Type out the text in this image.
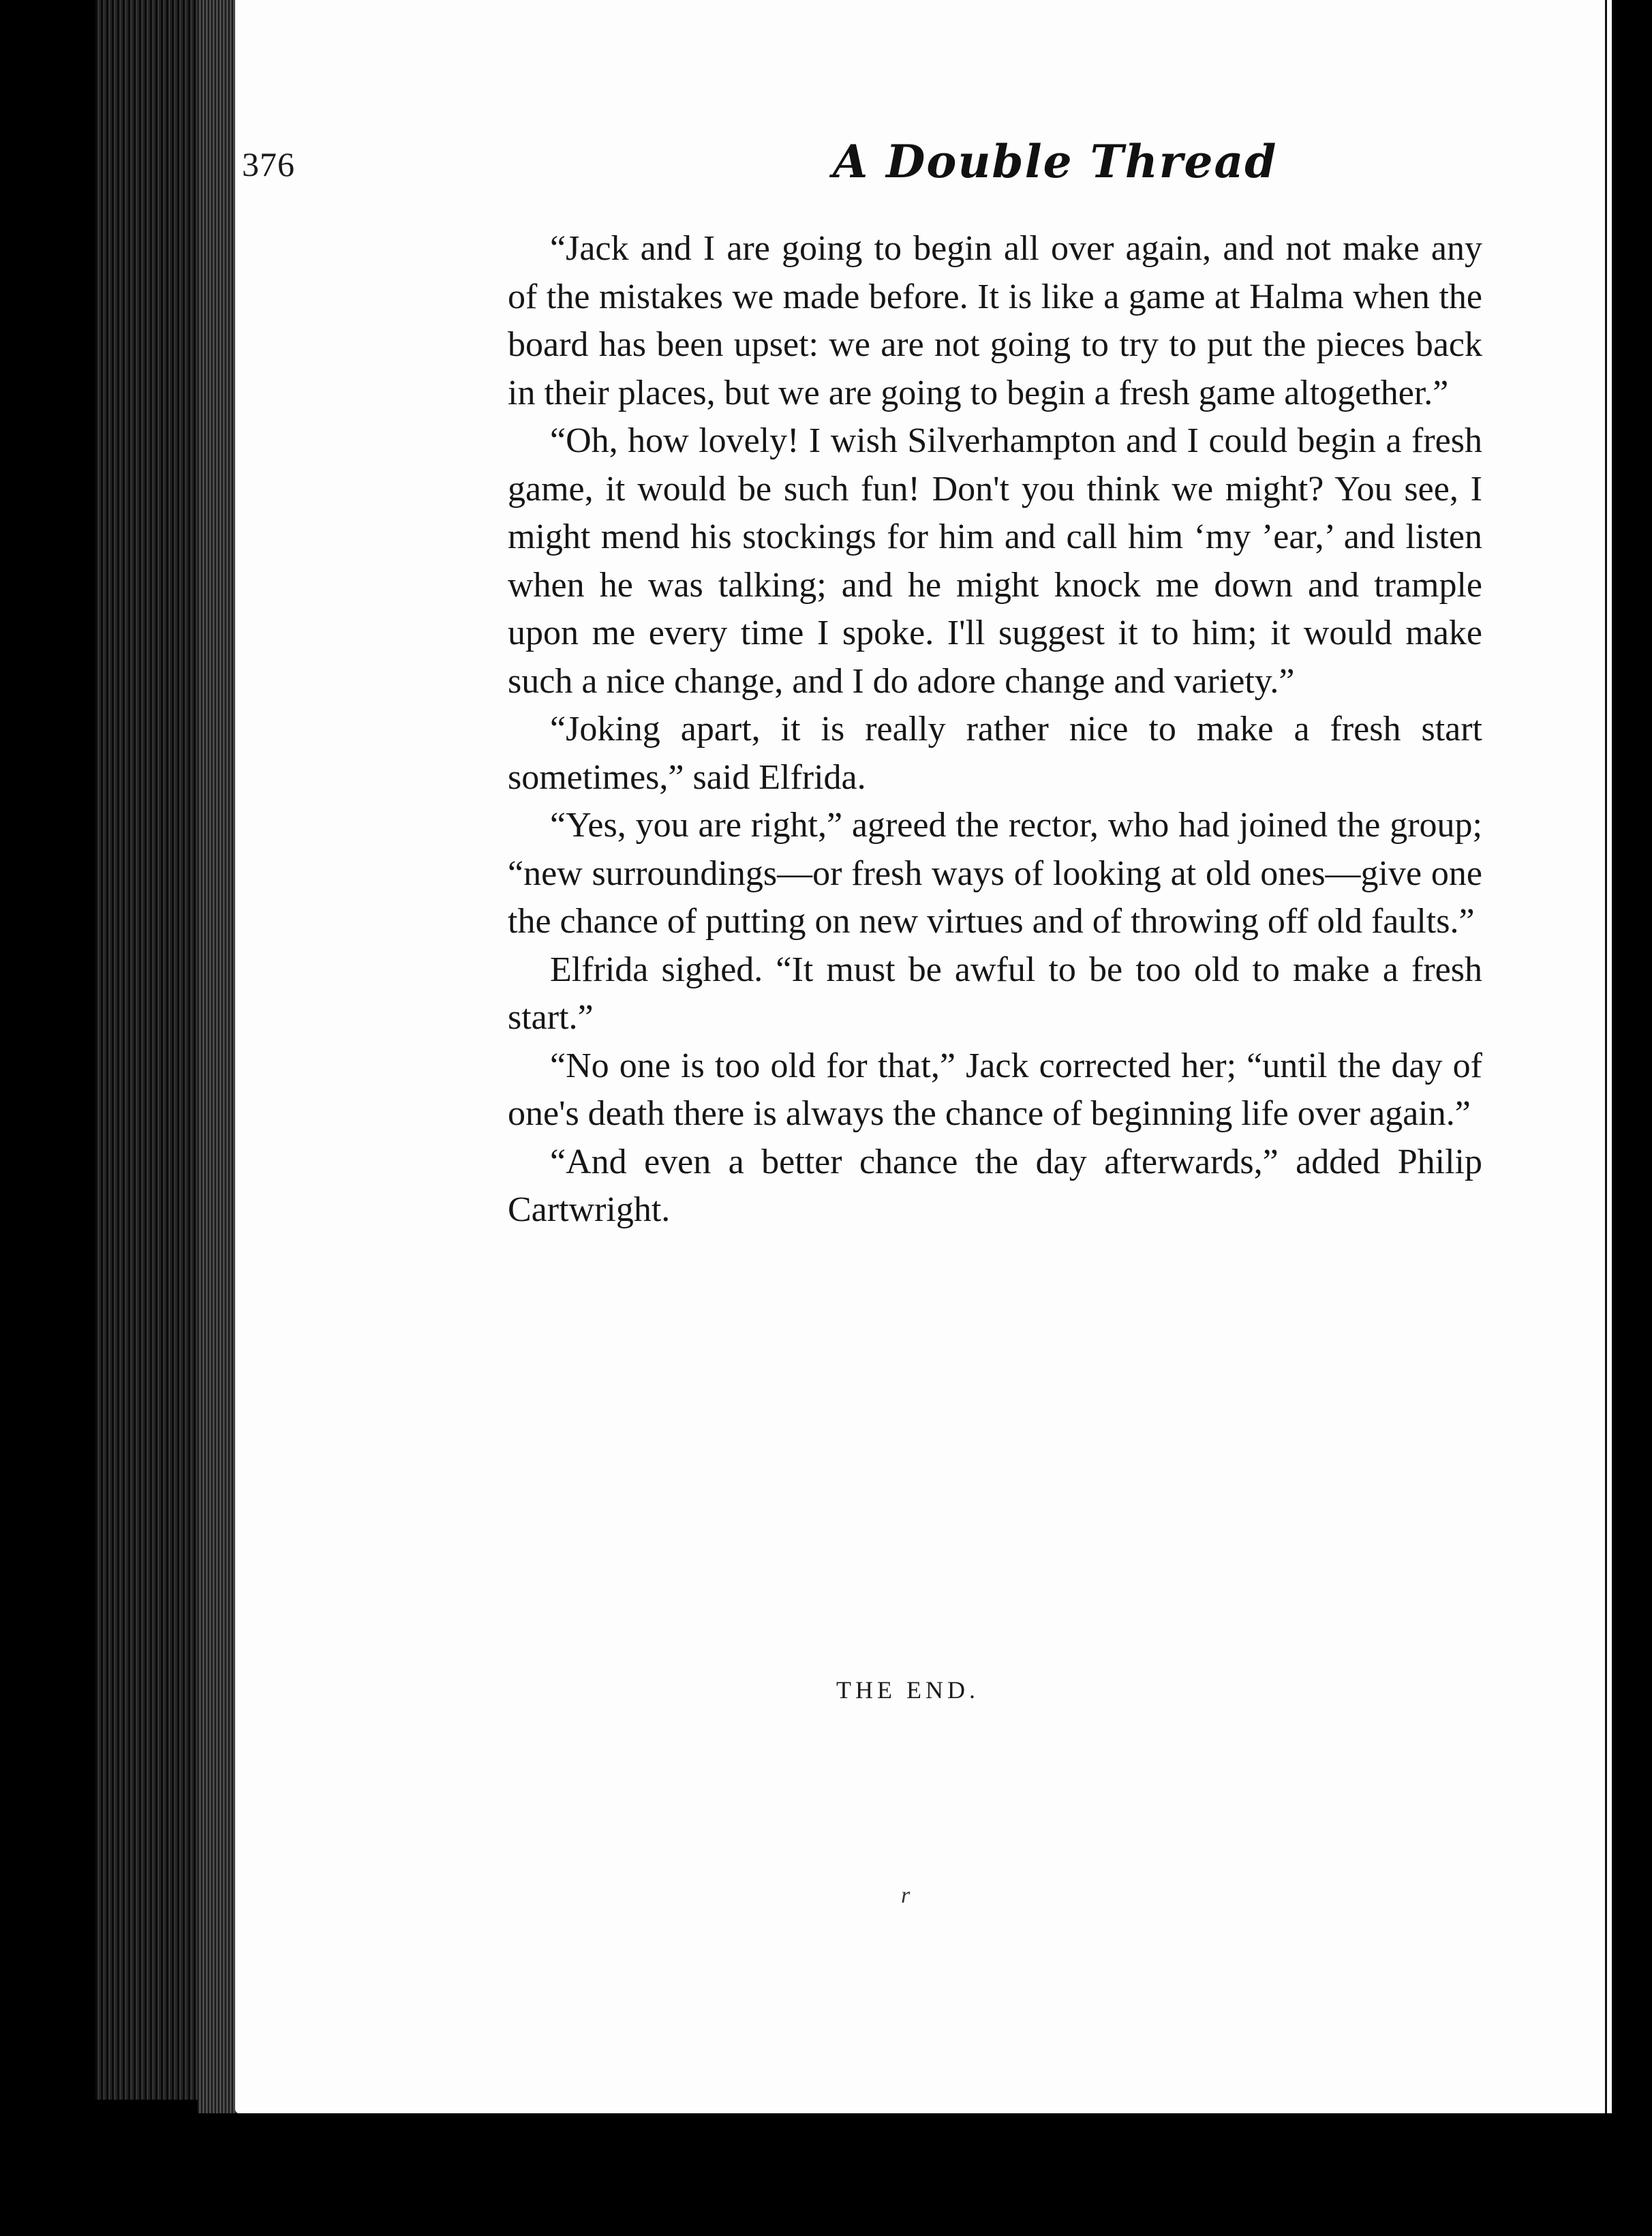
376	A Double Thread

“Jack and I are going to begin all over again, and not make any of the mistakes we made before. It is like a game at Halma when the board has been upset: we are not going to try to put the pieces back in their places, but we are going to begin a fresh game altogether.”

“Oh, how lovely! I wish Silverhampton and I could begin a fresh game, it would be such fun! Don't you think we might? You see, I might mend his stockings for him and call him ‘my ’ear,’ and listen when he was talking; and he might knock me down and trample upon me every time I spoke. I'll suggest it to him; it would make such a nice change, and I do adore change and variety.”

“Joking apart, it is really rather nice to make a fresh start sometimes,” said Elfrida.

“Yes, you are right,” agreed the rector, who had joined the group; “new surroundings—or fresh ways of looking at old ones—give one the chance of putting on new virtues and of throwing off old faults.”

Elfrida sighed. “It must be awful to be too old to make a fresh start.”

“No one is too old for that,” Jack corrected her; “until the day of one's death there is always the chance of beginning life over again.”

“And even a better chance the day afterwards,” added Philip Cartwright.

THE END.
r
